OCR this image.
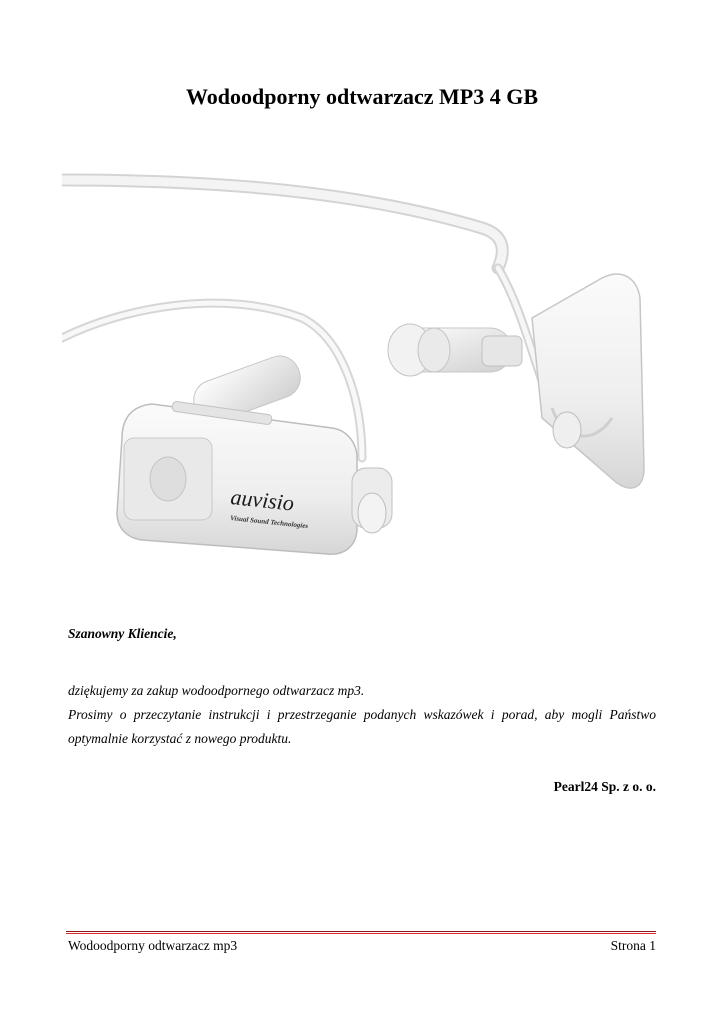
Wodoodporny odtwarzacz MP3 4 GB
auvisio
Visual Sound Technologies
Szanowny Kliencie,

dziękujemy za zakup wodoodpornego odtwarzacz mp3.

Prosimy o przeczytanie instrukcji i przestrzeganie podanych wskazówek i porad, aby mogli Państwo optymalnie korzystać z nowego produktu.

Pearl24 Sp. z o. o.
Wodoodporny odtwarzacz mp3	Strona 1
